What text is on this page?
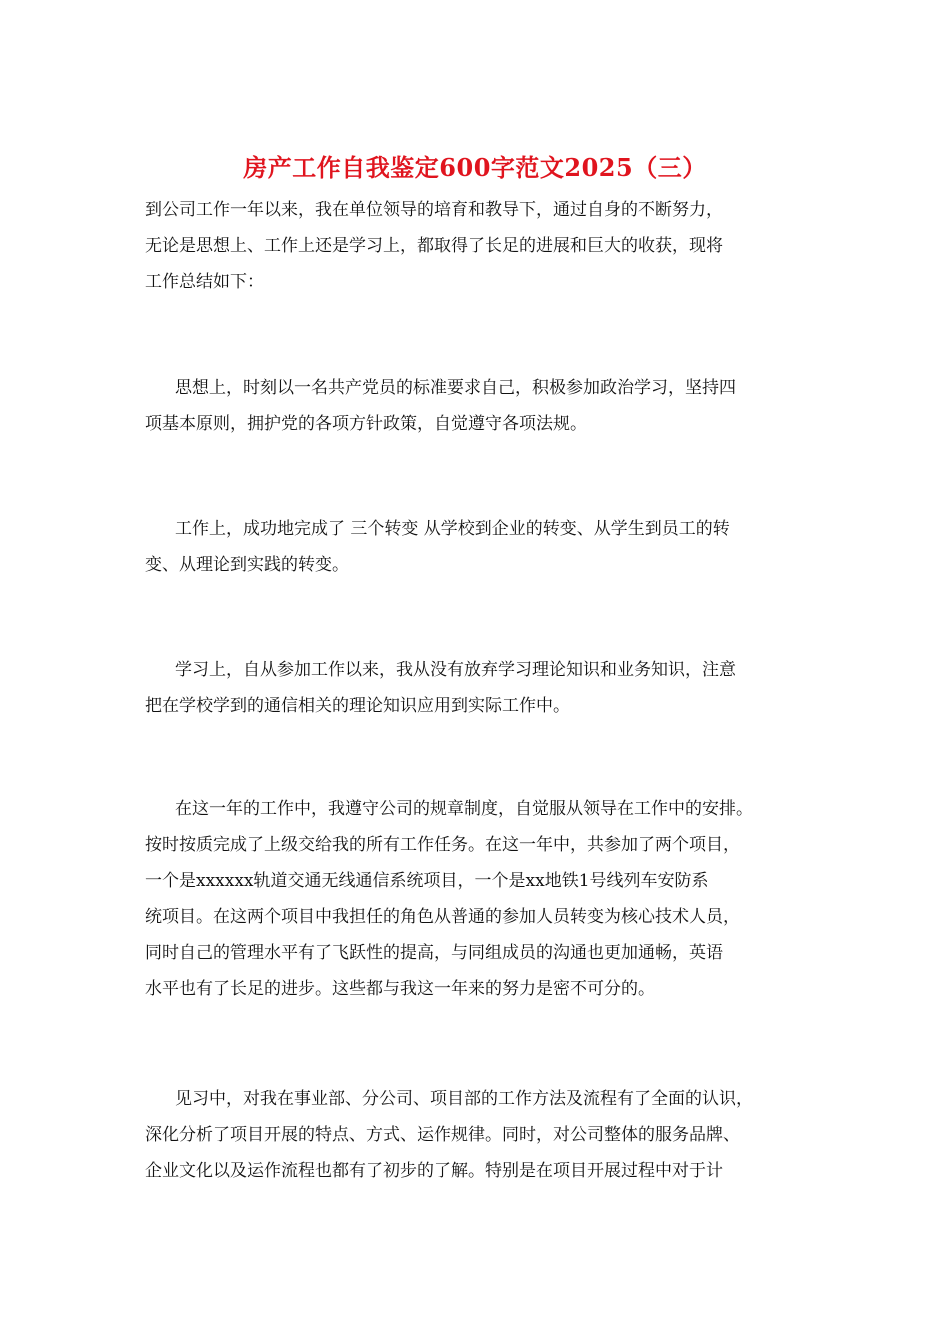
房产工作自我鉴定600字范文2025（三）
到公司工作一年以来，我在单位领导的培育和教导下，通过自身的不断努力，
无论是思想上、工作上还是学习上，都取得了长足的进展和巨大的收获，现将
工作总结如下：
思想上，时刻以一名共产党员的标准要求自己，积极参加政治学习，坚持四
项基本原则，拥护党的各项方针政策，自觉遵守各项法规。
工作上，成功地完成了 三个转变 从学校到企业的转变、从学生到员工的转
变、从理论到实践的转变。
学习上，自从参加工作以来，我从没有放弃学习理论知识和业务知识，注意
把在学校学到的通信相关的理论知识应用到实际工作中。
在这一年的工作中，我遵守公司的规章制度，自觉服从领导在工作中的安排。
按时按质完成了上级交给我的所有工作任务。在这一年中，共参加了两个项目，
一个是xxxxxx轨道交通无线通信系统项目，一个是xx地铁1号线列车安防系
统项目。在这两个项目中我担任的角色从普通的参加人员转变为核心技术人员，
同时自己的管理水平有了飞跃性的提高，与同组成员的沟通也更加通畅，英语
水平也有了长足的进步。这些都与我这一年来的努力是密不可分的。
见习中，对我在事业部、分公司、项目部的工作方法及流程有了全面的认识，
深化分析了项目开展的特点、方式、运作规律。同时，对公司整体的服务品牌、
企业文化以及运作流程也都有了初步的了解。特别是在项目开展过程中对于计
